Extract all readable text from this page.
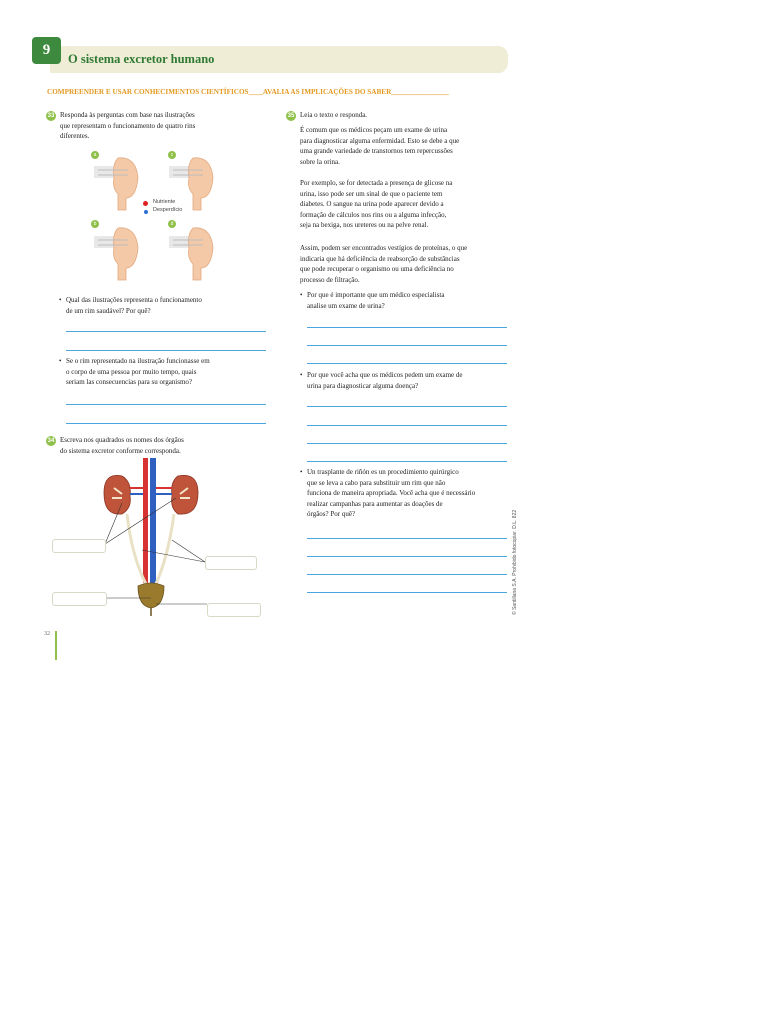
9
O sistema excretor humano
COMPREENDER E USAR CONHECIMENTOS CIENTÍFICOS____AVALIA AS IMPLICAÇÕES DO SABER________________
33 Responda às perguntas com base nas ilustrações
que representam o funcionamento de quatro rins
diferentes.
a	c
b	d
Nutriente
Desperdício
• Qual das ilustrações representa o funcionamento
de um rim saudável? Por quê?
• Se o rim representado na ilustração funcionasse em
o corpo de uma pessoa por muito tempo, quais
seriam las consecuencias para su organismo?
34 Escreva nos quadrados os nomes dos órgãos
do sistema excretor conforme corresponda.
35 Leia o texto e responda.
É comum que os médicos peçam um exame de urina
para diagnosticar alguma enfermidad. Esto se debe a que
uma grande variedade de transtornos tem repercussões
sobre la orina.
Por exemplo, se for detectada a presença de glicose na
urina, isso pode ser um sinal de que o paciente tem
diabetes. O sangue na urina pode aparecer devido a
formação de cálculos nos rins ou a alguma infecção,
seja na bexiga, nos ureteres ou na pelve renal.
Assim, podem ser encontrados vestígios de proteínas, o que
indicaria que há deficiência de reabsorção de substâncias
que pode recuperar o organismo ou uma deficiência no
processo de filtração.
• Por que é importante que um médico especialista
analise um exame de urina?
• Por que você acha que os médicos pedem um exame de
urina para diagnosticar alguma doença?
• Un trasplante de riñón es un procedimiento quirúrgico
que se leva a cabo para substituir um rim que não
funciona de maneira apropriada. Você acha que é necessário
realizar campanhas para aumentar as doações de
órgãos? Por quê?	© Santillana S.A. Prohibido fotocopiar. D.L. 822
32
